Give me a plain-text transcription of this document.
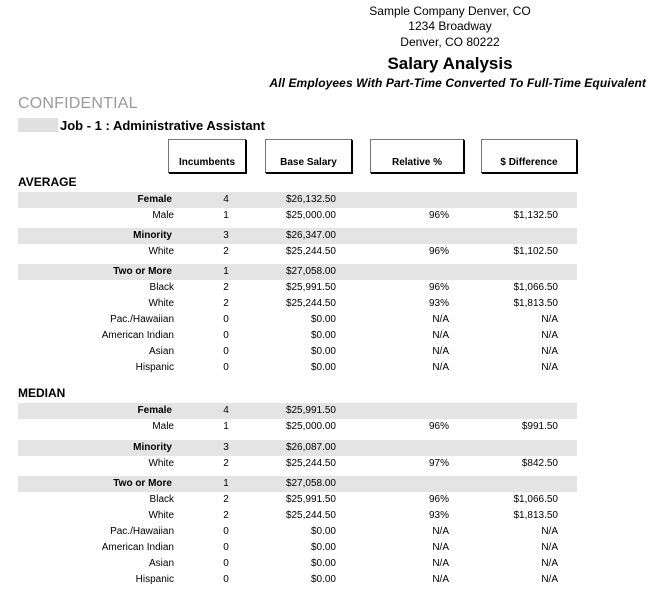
Sample Company Denver, CO
1234 Broadway
Denver, CO 80222
Salary Analysis
All Employees With Part-Time Converted To Full-Time Equivalent
CONFIDENTIAL
Job - 1 : Administrative Assistant
Incumbents	Base Salary	Relative %	$ Difference
AVERAGE
Female	4	$26,132.50
Male	1	$25,000.00	96%	$1,132.50
Minority	3	$26,347.00
White	2	$25,244.50	96%	$1,102.50
Two or More	1	$27,058.00
Black	2	$25,991.50	96%	$1,066.50
White	2	$25,244.50	93%	$1,813.50
Pac./Hawaiian	0	$0.00	N/A	N/A
American Indian	0	$0.00	N/A	N/A
Asian	0	$0.00	N/A	N/A
Hispanic	0	$0.00	N/A	N/A
MEDIAN
Female	4	$25,991.50
Male	1	$25,000.00	96%	$991.50
Minority	3	$26,087.00
White	2	$25,244.50	97%	$842.50
Two or More	1	$27,058.00
Black	2	$25,991.50	96%	$1,066.50
White	2	$25,244.50	93%	$1,813.50
Pac./Hawaiian	0	$0.00	N/A	N/A
American Indian	0	$0.00	N/A	N/A
Asian	0	$0.00	N/A	N/A
Hispanic	0	$0.00	N/A	N/A
